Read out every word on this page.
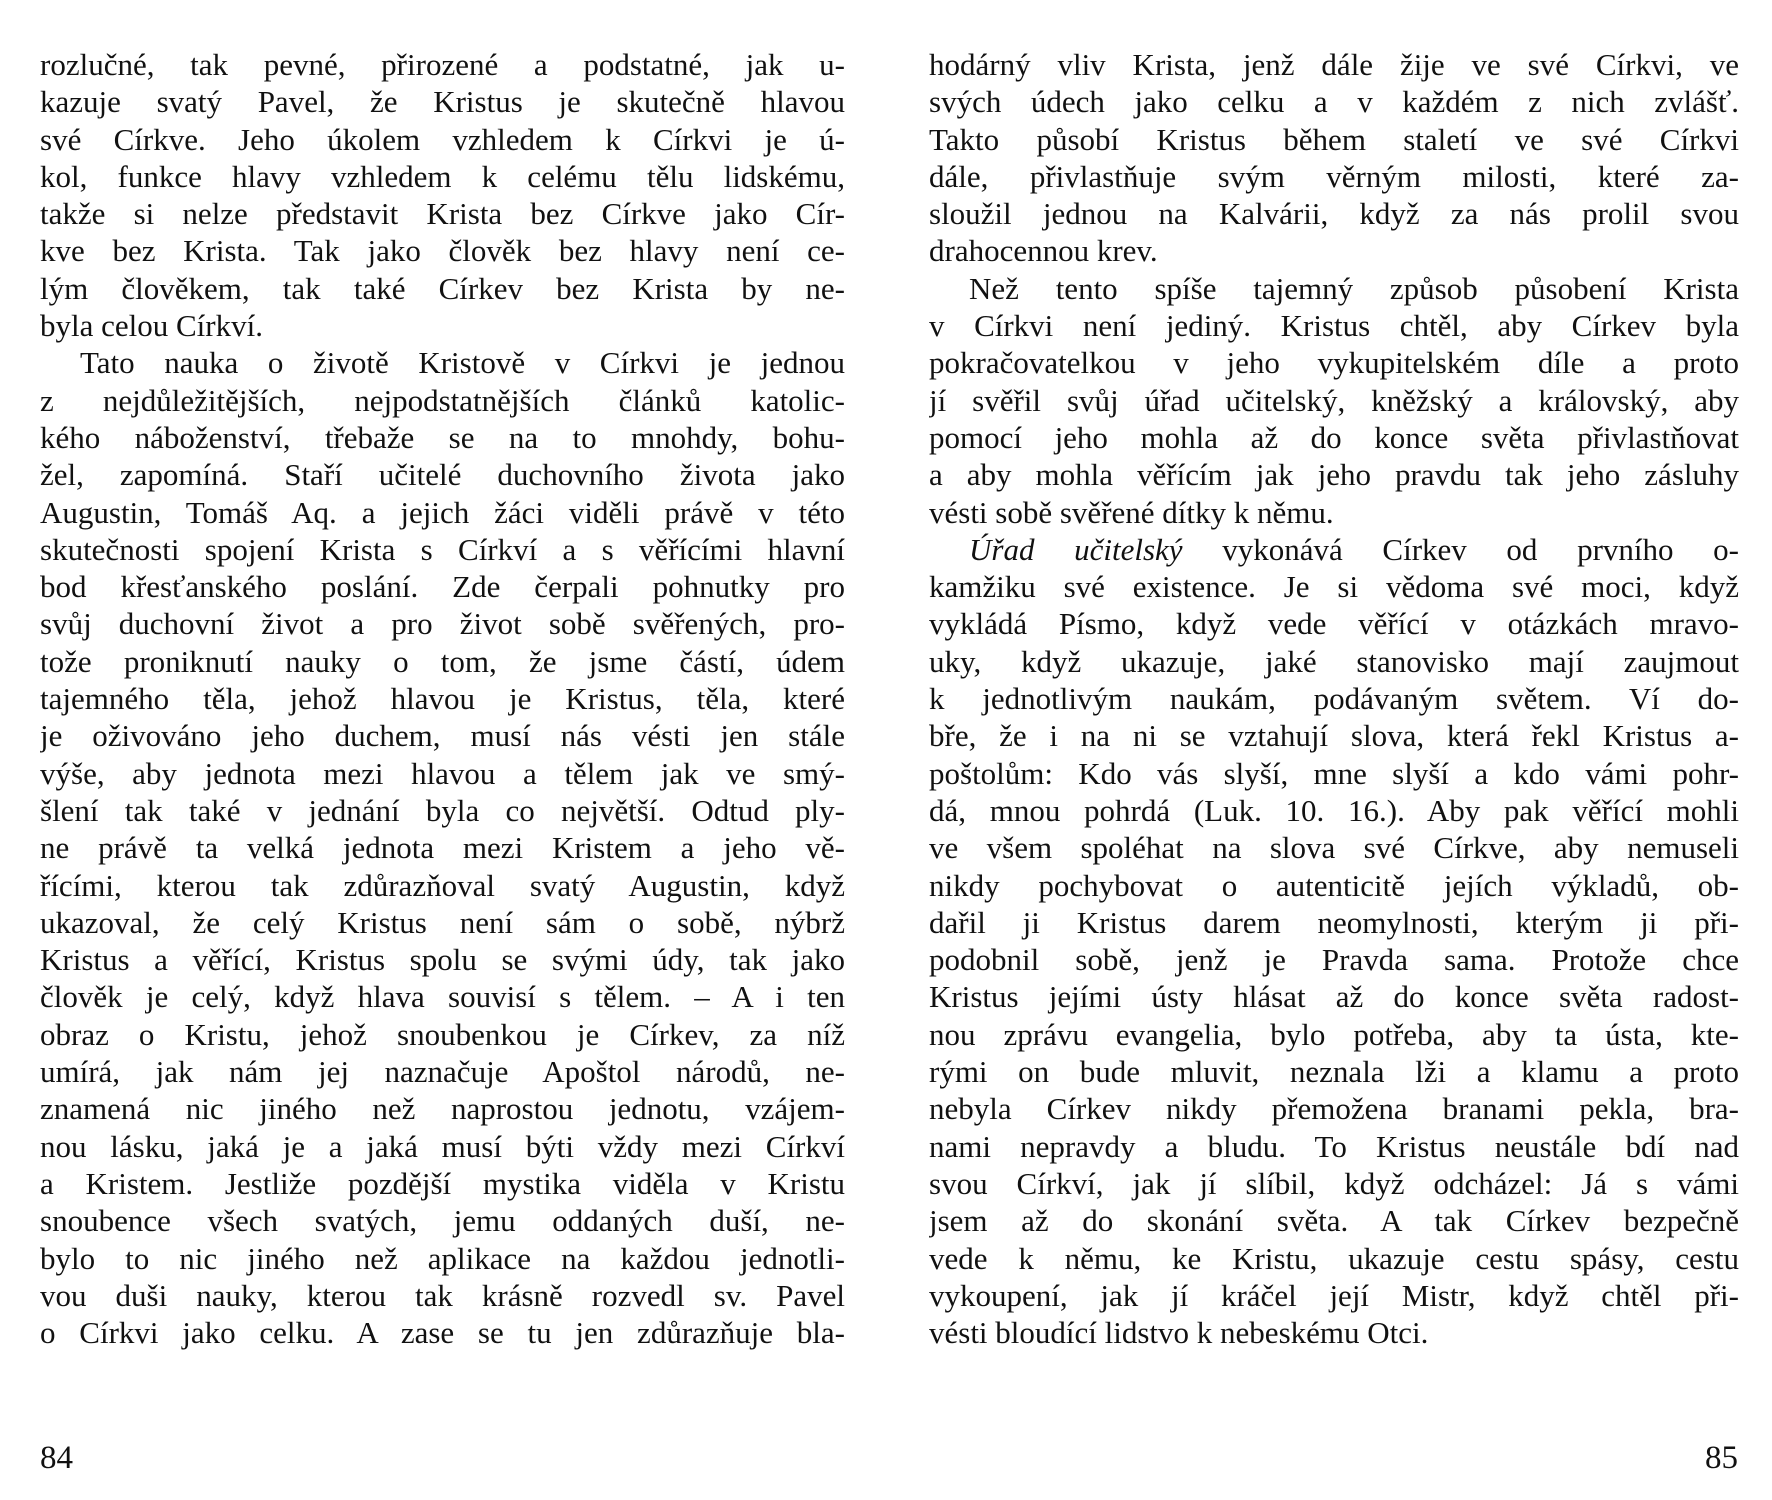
rozlučné, tak pevné, přirozené a podstatné, jak u-
kazuje svatý Pavel, že Kristus je skutečně hlavou
své Církve. Jeho úkolem vzhledem k Církvi je ú-
kol, funkce hlavy vzhledem k celému tělu lidskému,
takže si nelze představit Krista bez Církve jako Cír-
kve bez Krista. Tak jako člověk bez hlavy není ce-
lým člověkem, tak také Církev bez Krista by ne-
byla celou Církví.
Tato nauka o životě Kristově v Církvi je jednou
z nejdůležitějších, nejpodstatnějších článků katolic-
kého náboženství, třebaže se na to mnohdy, bohu-
žel, zapomíná. Staří učitelé duchovního života jako
Augustin, Tomáš Aq. a jejich žáci viděli právě v této
skutečnosti spojení Krista s Církví a s věřícími hlavní
bod křesťanského poslání. Zde čerpali pohnutky pro
svůj duchovní život a pro život sobě svěřených, pro-
tože proniknutí nauky o tom, že jsme částí, údem
tajemného těla, jehož hlavou je Kristus, těla, které
je oživováno jeho duchem, musí nás vésti jen stále
výše, aby jednota mezi hlavou a tělem jak ve smý-
šlení tak také v jednání byla co největší. Odtud ply-
ne právě ta velká jednota mezi Kristem a jeho vě-
řícími, kterou tak zdůrazňoval svatý Augustin, když
ukazoval, že celý Kristus není sám o sobě, nýbrž
Kristus a věřící, Kristus spolu se svými údy, tak jako
člověk je celý, když hlava souvisí s tělem. – A i ten
obraz o Kristu, jehož snoubenkou je Církev, za níž
umírá, jak nám jej naznačuje Apoštol národů, ne-
znamená nic jiného než naprostou jednotu, vzájem-
nou lásku, jaká je a jaká musí býti vždy mezi Církví
a Kristem. Jestliže pozdější mystika viděla v Kristu
snoubence všech svatých, jemu oddaných duší, ne-
bylo to nic jiného než aplikace na každou jednotli-
vou duši nauky, kterou tak krásně rozvedl sv. Pavel
o Církvi jako celku. A zase se tu jen zdůrazňuje bla-
84
hodárný vliv Krista, jenž dále žije ve své Církvi, ve
svých údech jako celku a v každém z nich zvlášť.
Takto působí Kristus během staletí ve své Církvi
dále, přivlastňuje svým věrným milosti, které za-
sloužil jednou na Kalvárii, když za nás prolil svou
drahocennou krev.
Než tento spíše tajemný způsob působení Krista
v Církvi není jediný. Kristus chtěl, aby Církev byla
pokračovatelkou v jeho vykupitelském díle a proto
jí svěřil svůj úřad učitelský, kněžský a královský, aby
pomocí jeho mohla až do konce světa přivlastňovat
a aby mohla věřícím jak jeho pravdu tak jeho zásluhy
vésti sobě svěřené dítky k němu.
Úřad učitelský vykonává Církev od prvního o-
kamžiku své existence. Je si vědoma své moci, když
vykládá Písmo, když vede věřící v otázkách mravo-
uky, když ukazuje, jaké stanovisko mají zaujmout
k jednotlivým naukám, podávaným světem. Ví do-
bře, že i na ni se vztahují slova, která řekl Kristus a-
poštolům: Kdo vás slyší, mne slyší a kdo vámi pohr-
dá, mnou pohrdá (Luk. 10. 16.). Aby pak věřící mohli
ve všem spoléhat na slova své Církve, aby nemuseli
nikdy pochybovat o autenticitě jejích výkladů, ob-
dařil ji Kristus darem neomylnosti, kterým ji při-
podobnil sobě, jenž je Pravda sama. Protože chce
Kristus jejími ústy hlásat až do konce světa radost-
nou zprávu evangelia, bylo potřeba, aby ta ústa, kte-
rými on bude mluvit, neznala lži a klamu a proto
nebyla Církev nikdy přemožena branami pekla, bra-
nami nepravdy a bludu. To Kristus neustále bdí nad
svou Církví, jak jí slíbil, když odcházel: Já s vámi
jsem až do skonání světa. A tak Církev bezpečně
vede k němu, ke Kristu, ukazuje cestu spásy, cestu
vykoupení, jak jí kráčel její Mistr, když chtěl při-
vésti bloudící lidstvo k nebeskému Otci.
85
